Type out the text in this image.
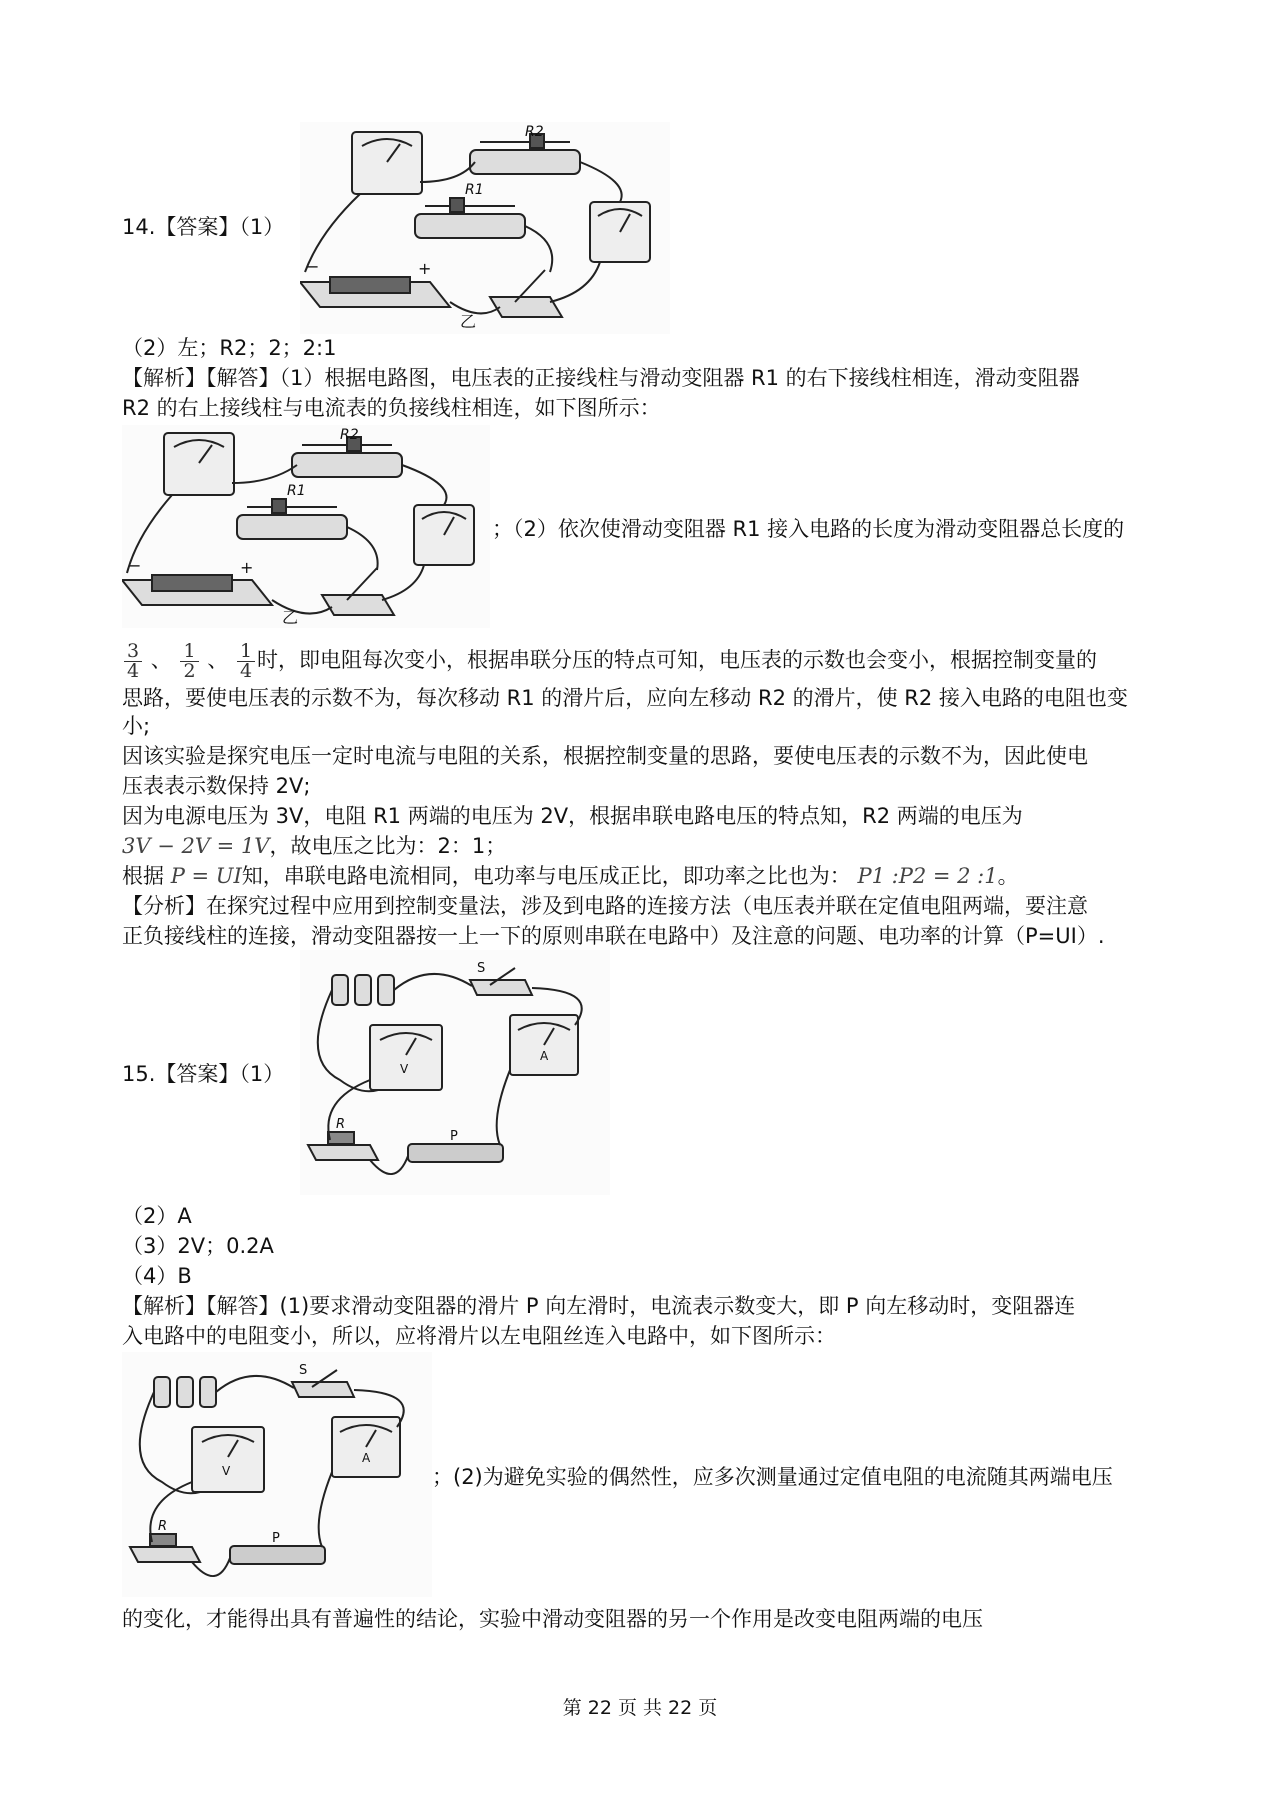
14.【答案】（1）
R2
R1
−	+
乙
（2）左；R2；2；2:1
【解析】【解答】（1）根据电路图，电压表的正接线柱与滑动变阻器 R1 的右下接线柱相连，滑动变阻器
R2 的右上接线柱与电流表的负接线柱相连，如下图所示：
R2
R1
−	+
乙
；（2）依次使滑动变阻器 R1 接入电路的长度为滑动变阻器总长度的
$\frac{3}{4}$ 、 $\frac{1}{2}$ 、 $\frac{1}{4}$ 时，即电阻每次变小，根据串联分压的特点可知，电压表的示数也会变小，根据控制变量的
思路，要使电压表的示数不为，每次移动 R1 的滑片后，应向左移动 R2 的滑片，使 R2 接入电路的电阻也变
小;
因该实验是探究电压一定时电流与电阻的关系，根据控制变量的思路，要使电压表的示数不为，因此使电
压表表示数保持 2V;
因为电源电压为 3V，电阻 R1 两端的电压为 2V，根据串联电路电压的特点知，R2 两端的电压为
3V − 2V = 1V，故电压之比为：2：1；
根据 P = UI知，串联电路电流相同，电功率与电压成正比，即功率之比也为： P1 :P2 = 2 :1。
【分析】在探究过程中应用到控制变量法，涉及到电路的连接方法（电压表并联在定值电阻两端，要注意
正负接线柱的连接，滑动变阻器按一上一下的原则串联在电路中）及注意的问题、电功率的计算（P=UI）.
15.【答案】（1）
S
V
A
R
P
（2）A
（3）2V；0.2A
（4）B
【解析】【解答】(1)要求滑动变阻器的滑片 P 向左滑时，电流表示数变大，即 P 向左移动时，变阻器连
入电路中的电阻变小，所以，应将滑片以左电阻丝连入电路中，如下图所示：
S
V
A
R
P
；(2)为避免实验的偶然性，应多次测量通过定值电阻的电流随其两端电压
的变化，才能得出具有普遍性的结论，实验中滑动变阻器的另一个作用是改变电阻两端的电压
第 22 页 共 22 页
